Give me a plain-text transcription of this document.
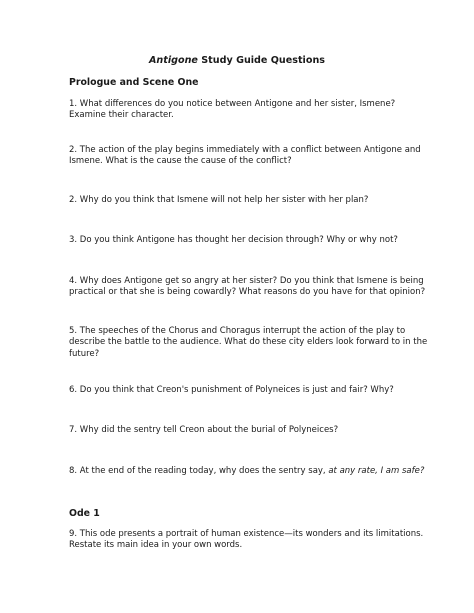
Antigone Study Guide Questions
Prologue and Scene One
1. What differences do you notice between Antigone and her sister, Ismene?
Examine their character.
2. The action of the play begins immediately with a conflict between Antigone and
Ismene. What is the cause the cause of the conflict?
2. Why do you think that Ismene will not help her sister with her plan?
3. Do you think Antigone has thought her decision through? Why or why not?
4. Why does Antigone get so angry at her sister? Do you think that Ismene is being
practical or that she is being cowardly? What reasons do you have for that opinion?
5. The speeches of the Chorus and Choragus interrupt the action of the play to
describe the battle to the audience. What do these city elders look forward to in the
future?
6. Do you think that Creon's punishment of Polyneices is just and fair? Why?
7. Why did the sentry tell Creon about the burial of Polyneices?
8. At the end of the reading today, why does the sentry say, at any rate, I am safe?
Ode 1
9. This ode presents a portrait of human existence—its wonders and its limitations.
Restate its main idea in your own words.
